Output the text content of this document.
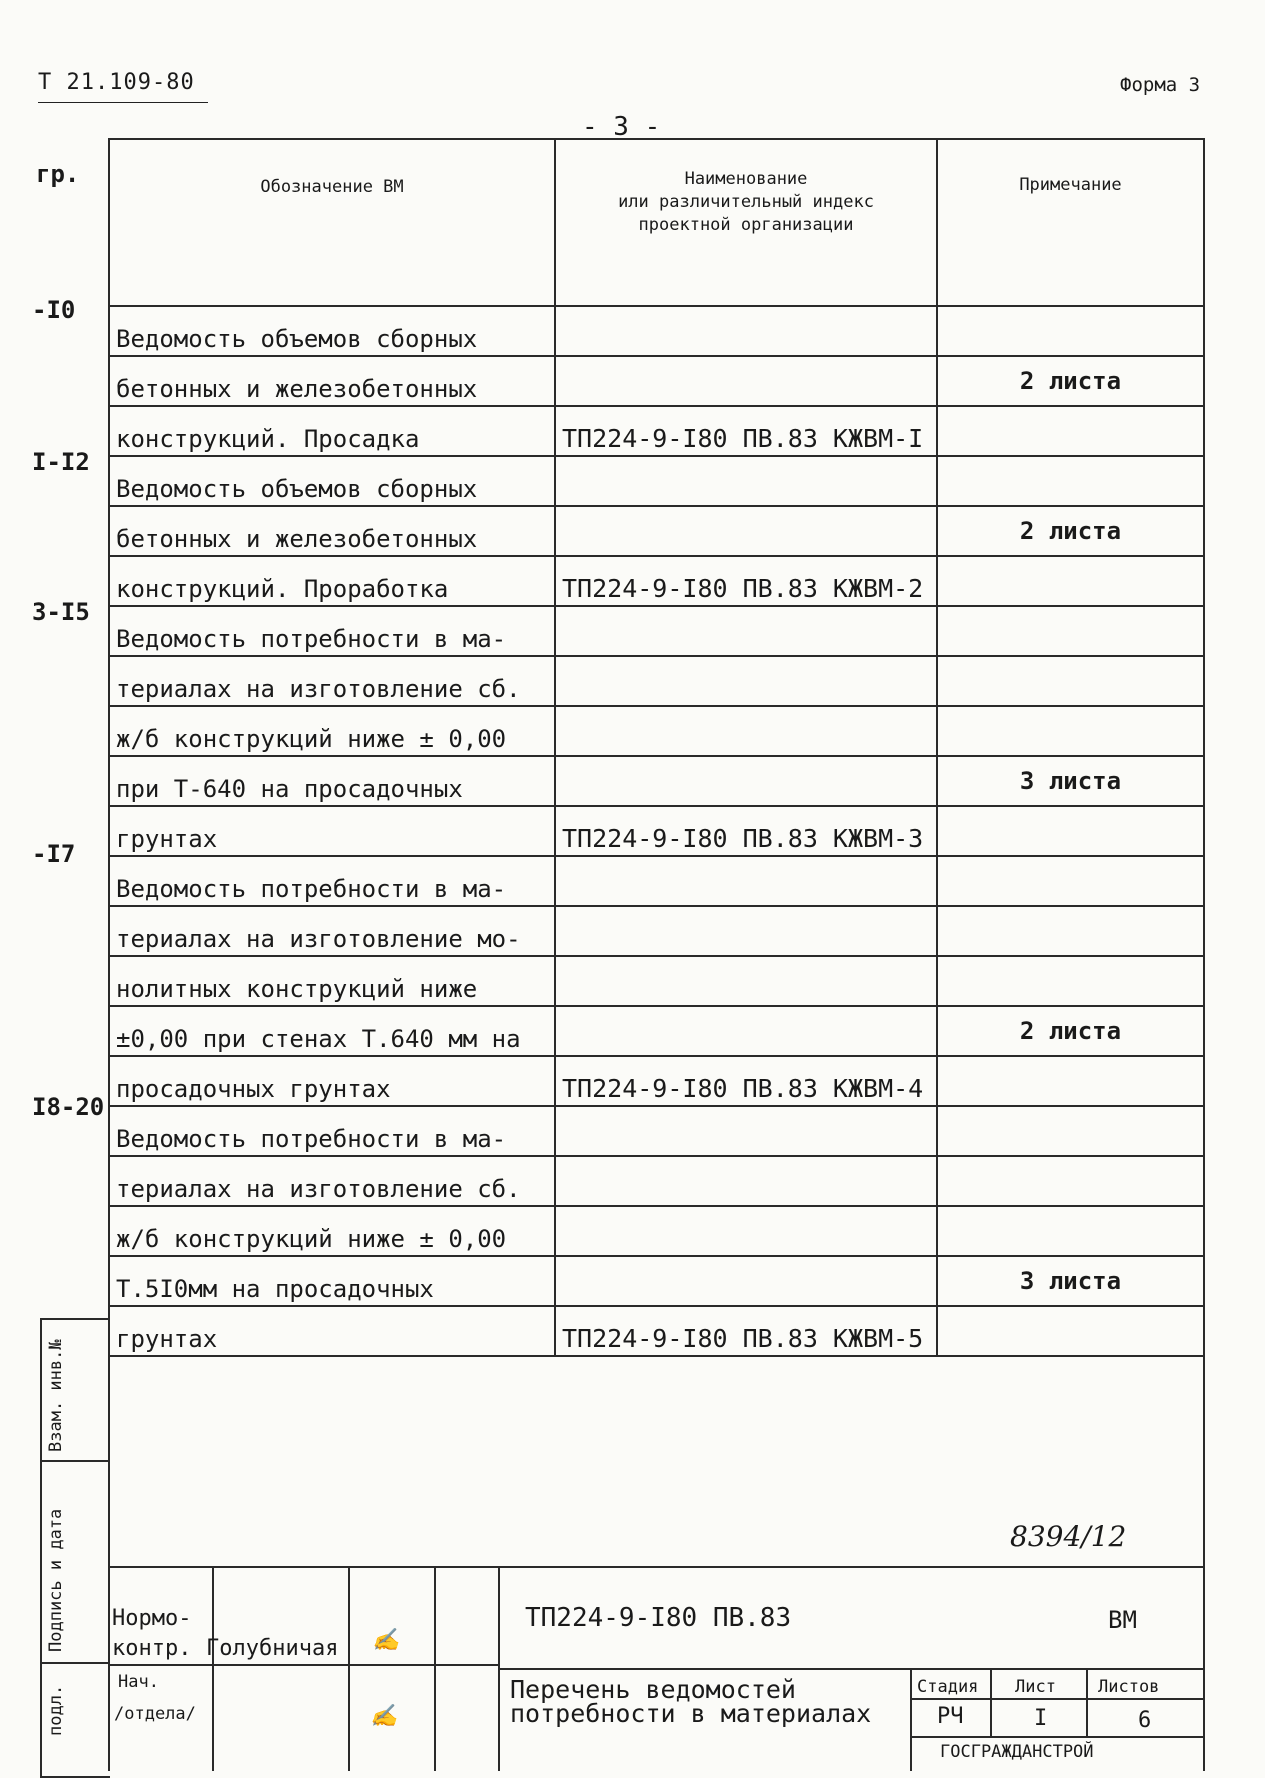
Т 21.109-80	Форма 3
- 3 -
гр.	Обозначение ВМ	Наименование
или различительный индекс
проектной организации	Примечание
Ведомость объемов сборных		
бетонных и железобетонных		2 листа
конструкций. Просадка	ТП224-9-I80 ПВ.83 КЖВМ-I	
Ведомость объемов сборных		
бетонных и железобетонных		2 листа
конструкций. Проработка	ТП224-9-I80 ПВ.83 КЖВМ-2	
Ведомость потребности в ма-		
териалах на изготовление сб.		
ж/б конструкций ниже ± 0,00		
при Т-640 на просадочных		3 листа
грунтах	ТП224-9-I80 ПВ.83 КЖВМ-3	
Ведомость потребности в ма-		
териалах на изготовление мо-		
нолитных конструкций ниже		
±0,00 при стенах Т.640 мм на		2 листа
просадочных грунтах	ТП224-9-I80 ПВ.83 КЖВМ-4	
Ведомость потребности в ма-		
териалах на изготовление сб.		
ж/б конструкций ниже ± 0,00		
Т.5I0мм на просадочных		3 листа
грунтах	ТП224-9-I80 ПВ.83 КЖВМ-5	
-I0
I-I2
3-I5
-I7
I8-20
Взам. инв.№
Подпись и дата
подл.
8394/12
Нормо-
контр. Голубничая ✍
Нач.
/отдела/	✍
ТП224-9-I80 ПВ.83	ВМ
Перечень ведомостей
потребности в материалах
Стадия Лист Листов
РЧ	I	6
ГОСГРАЖДАНСТРОЙ
